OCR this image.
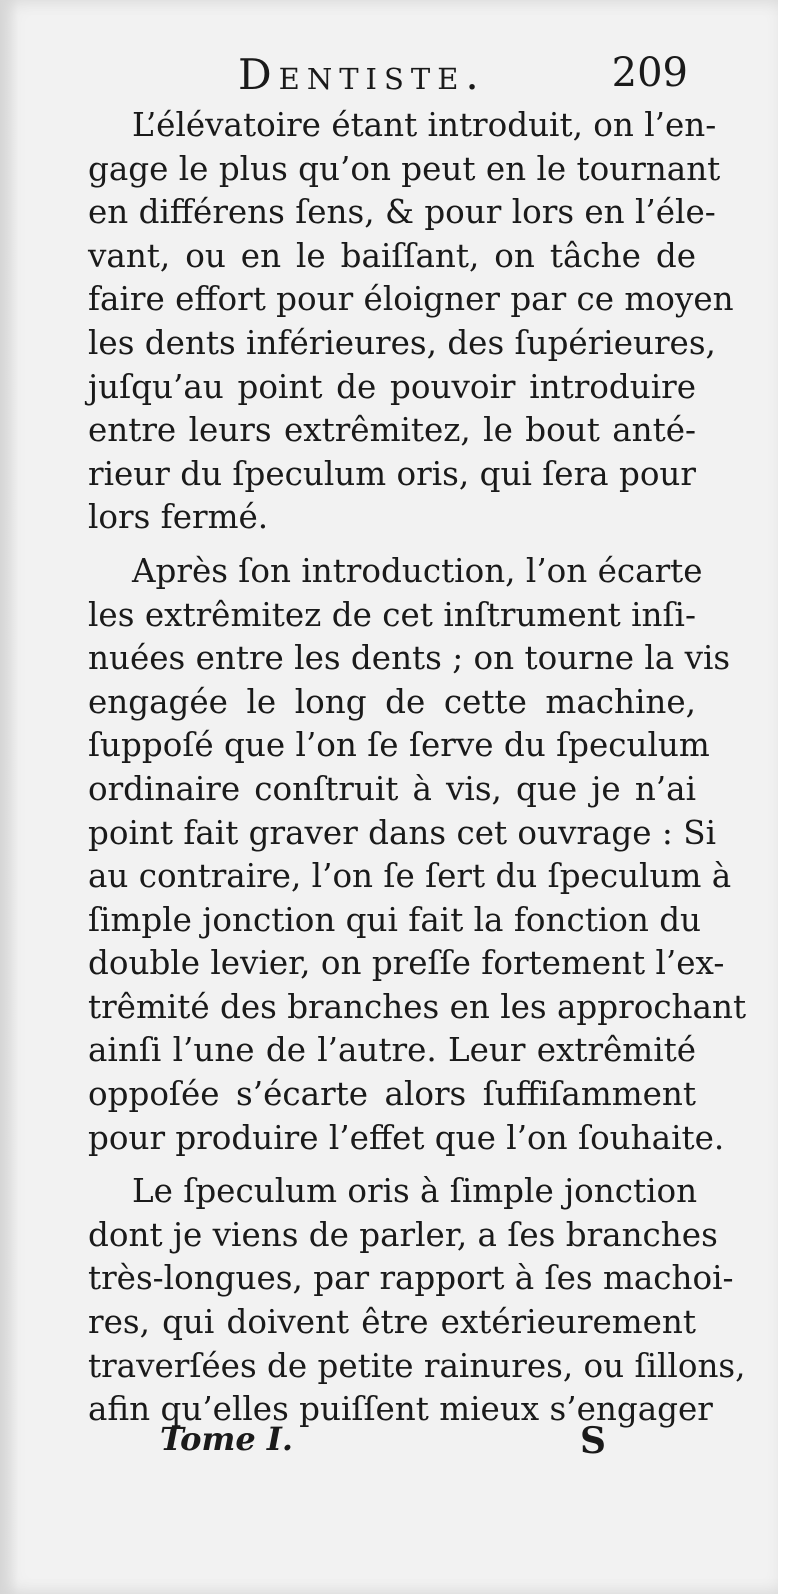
Dentiste.	209
L’élévatoire étant introduit, on l’en-
gage le plus qu’on peut en le tournant
en différens ſens, & pour lors en l’éle-
vant, ou en le baiſſant, on tâche de
faire effort pour éloigner par ce moyen
les dents inférieures, des ſupérieures,
juſqu’au point de pouvoir introduire
entre leurs extrêmitez, le bout anté-
rieur du ſpeculum oris, qui ſera pour
lors fermé.
Après ſon introduction, l’on écarte
les extrêmitez de cet inſtrument inſi-
nuées entre les dents ; on tourne la vis
engagée le long de cette machine,
ſuppoſé que l’on ſe ſerve du ſpeculum
ordinaire conſtruit à vis, que je n’ai
point fait graver dans cet ouvrage : Si
au contraire, l’on ſe ſert du ſpeculum à
ſimple jonction qui fait la fonction du
double levier, on preſſe fortement l’ex-
trêmité des branches en les approchant
ainſi l’une de l’autre. Leur extrêmité
oppoſée s’écarte alors ſuffiſamment
pour produire l’effet que l’on ſouhaite.
Le ſpeculum oris à ſimple jonction
dont je viens de parler, a ſes branches
très-longues, par rapport à ſes machoi-
res, qui doivent être extérieurement
traverſées de petite rainures, ou ſillons,
afin qu’elles puiſſent mieux s’engager
Tome I.	S
